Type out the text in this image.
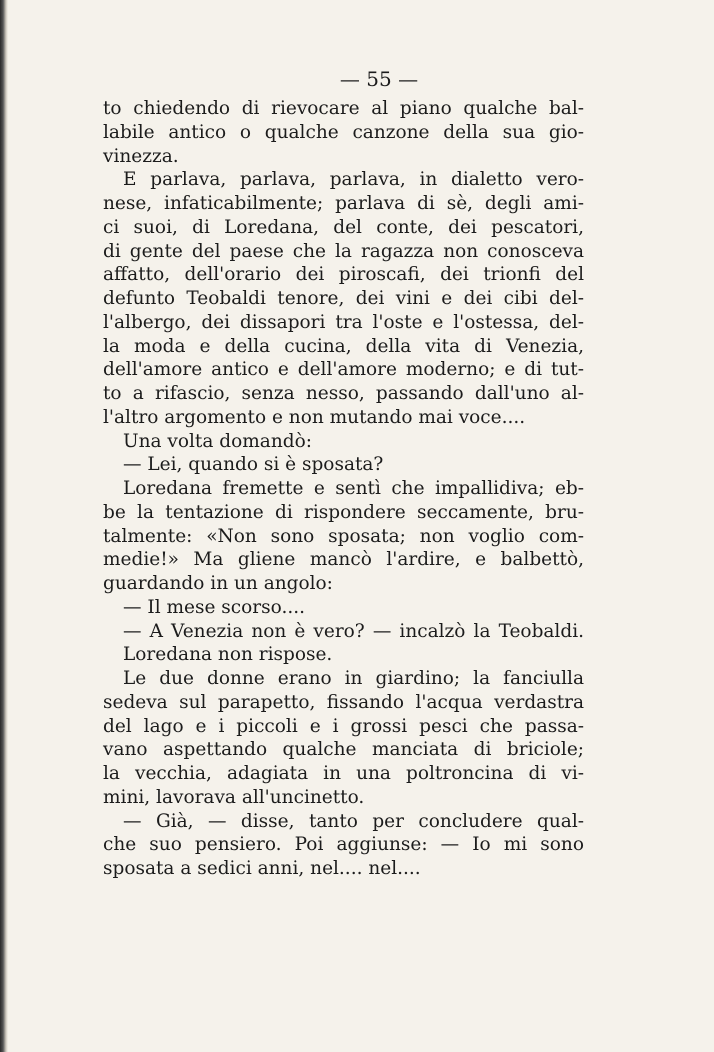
— 55 —
to chiedendo di rievocare al piano qualche bal-
labile antico o qualche canzone della sua gio-
vinezza.
E parlava, parlava, parlava, in dialetto vero-
nese, infaticabilmente; parlava di sè, degli ami-
ci suoi, di Loredana, del conte, dei pescatori,
di gente del paese che la ragazza non conosceva
affatto, dell'orario dei piroscafi, dei trionfi del
defunto Teobaldi tenore, dei vini e dei cibi del-
l'albergo, dei dissapori tra l'oste e l'ostessa, del-
la moda e della cucina, della vita di Venezia,
dell'amore antico e dell'amore moderno; e di tut-
to a rifascio, senza nesso, passando dall'uno al-
l'altro argomento e non mutando mai voce....
Una volta domandò:
— Lei, quando si è sposata?
Loredana fremette e sentì che impallidiva; eb-
be la tentazione di rispondere seccamente, bru-
talmente: «Non sono sposata; non voglio com-
medie!» Ma gliene mancò l'ardire, e balbettò,
guardando in un angolo:
— Il mese scorso....
— A Venezia non è vero? — incalzò la Teobaldi.
Loredana non rispose.
Le due donne erano in giardino; la fanciulla
sedeva sul parapetto, fissando l'acqua verdastra
del lago e i piccoli e i grossi pesci che passa-
vano aspettando qualche manciata di briciole;
la vecchia, adagiata in una poltroncina di vi-
mini, lavorava all'uncinetto.
— Già, — disse, tanto per concludere qual-
che suo pensiero. Poi aggiunse: — Io mi sono
sposata a sedici anni, nel.... nel....
